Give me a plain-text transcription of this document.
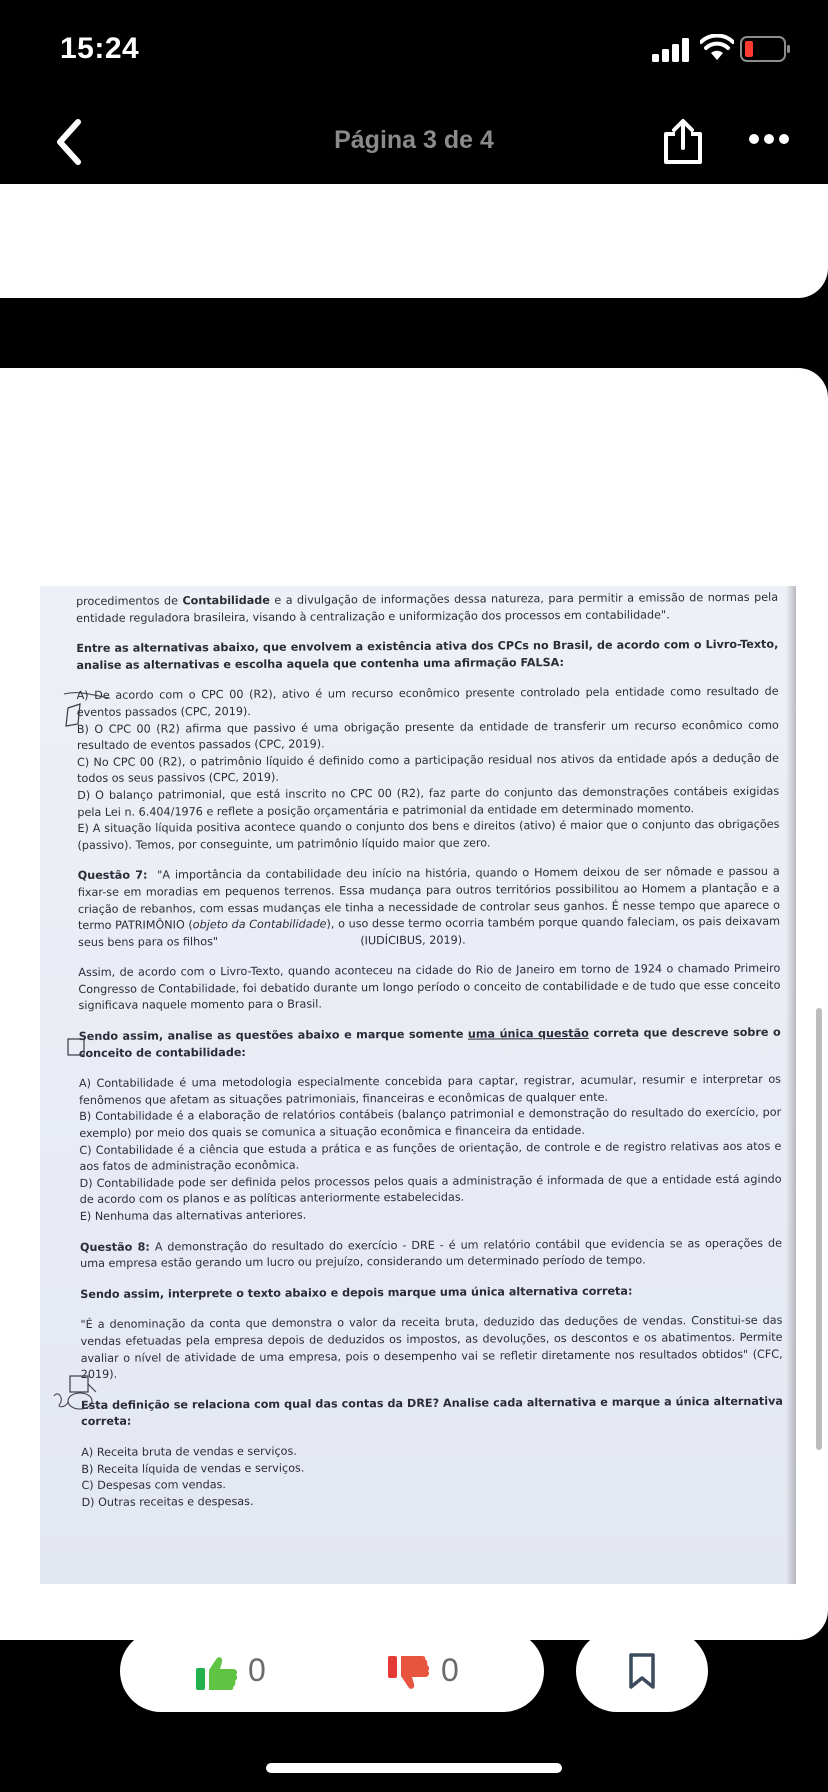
15:24
Página 3 de 4

procedimentos de Contabilidade e a divulgação de informações dessa natureza, para permitir a emissão de normas pela entidade reguladora brasileira, visando à centralização e uniformização dos processos em contabilidade".

Entre as alternativas abaixo, que envolvem a existência ativa dos CPCs no Brasil, de acordo com o Livro-Texto, analise as alternativas e escolha aquela que contenha uma afirmação FALSA:

A) De acordo com o CPC 00 (R2), ativo é um recurso econômico presente controlado pela entidade como resultado de eventos passados (CPC, 2019).

B) O CPC 00 (R2) afirma que passivo é uma obrigação presente da entidade de transferir um recurso econômico como resultado de eventos passados (CPC, 2019).

C) No CPC 00 (R2), o patrimônio líquido é definido como a participação residual nos ativos da entidade após a dedução de todos os seus passivos (CPC, 2019).

D) O balanço patrimonial, que está inscrito no CPC 00 (R2), faz parte do conjunto das demonstrações contábeis exigidas pela Lei n. 6.404/1976 e reflete a posição orçamentária e patrimonial da entidade em determinado momento.

E) A situação líquida positiva acontece quando o conjunto dos bens e direitos (ativo) é maior que o conjunto das obrigações (passivo). Temos, por conseguinte, um patrimônio líquido maior que zero.

Questão 7: "A importância da contabilidade deu início na história, quando o Homem deixou de ser nômade e passou a fixar-se em moradias em pequenos terrenos. Essa mudança para outros territórios possibilitou ao Homem a plantação e a criação de rebanhos, com essas mudanças ele tinha a necessidade de controlar seus ganhos. É nesse tempo que aparece o termo PATRIMÔNIO (objeto da Contabilidade), o uso desse termo ocorria também porque quando faleciam, os pais deixavam seus bens para os filhos"	(IUDÍCIBUS, 2019).

Assim, de acordo com o Livro-Texto, quando aconteceu na cidade do Rio de Janeiro em torno de 1924 o chamado Primeiro Congresso de Contabilidade, foi debatido durante um longo período o conceito de contabilidade e de tudo que esse conceito significava naquele momento para o Brasil.

Sendo assim, analise as questões abaixo e marque somente uma única questão correta que descreve sobre o conceito de contabilidade:

A) Contabilidade é uma metodologia especialmente concebida para captar, registrar, acumular, resumir e interpretar os fenômenos que afetam as situações patrimoniais, financeiras e econômicas de qualquer ente.

B) Contabilidade é a elaboração de relatórios contábeis (balanço patrimonial e demonstração do resultado do exercício, por exemplo) por meio dos quais se comunica a situação econômica e financeira da entidade.

C) Contabilidade é a ciência que estuda a prática e as funções de orientação, de controle e de registro relativas aos atos e aos fatos de administração econômica.

D) Contabilidade pode ser definida pelos processos pelos quais a administração é informada de que a entidade está agindo de acordo com os planos e as políticas anteriormente estabelecidas.

E) Nenhuma das alternativas anteriores.

Questão 8: A demonstração do resultado do exercício - DRE - é um relatório contábil que evidencia se as operações de uma empresa estão gerando um lucro ou prejuízo, considerando um determinado período de tempo.

Sendo assim, interprete o texto abaixo e depois marque uma única alternativa correta:

"É a denominação da conta que demonstra o valor da receita bruta, deduzido das deduções de vendas. Constitui-se das vendas efetuadas pela empresa depois de deduzidos os impostos, as devoluções, os descontos e os abatimentos. Permite avaliar o nível de atividade de uma empresa, pois o desempenho vai se refletir diretamente nos resultados obtidos" (CFC, 2019).

Esta definição se relaciona com qual das contas da DRE? Analise cada alternativa e marque a única alternativa correta:

A) Receita bruta de vendas e serviços.

B) Receita líquida de vendas e serviços.

C) Despesas com vendas.

D) Outras receitas e despesas.

0	0
